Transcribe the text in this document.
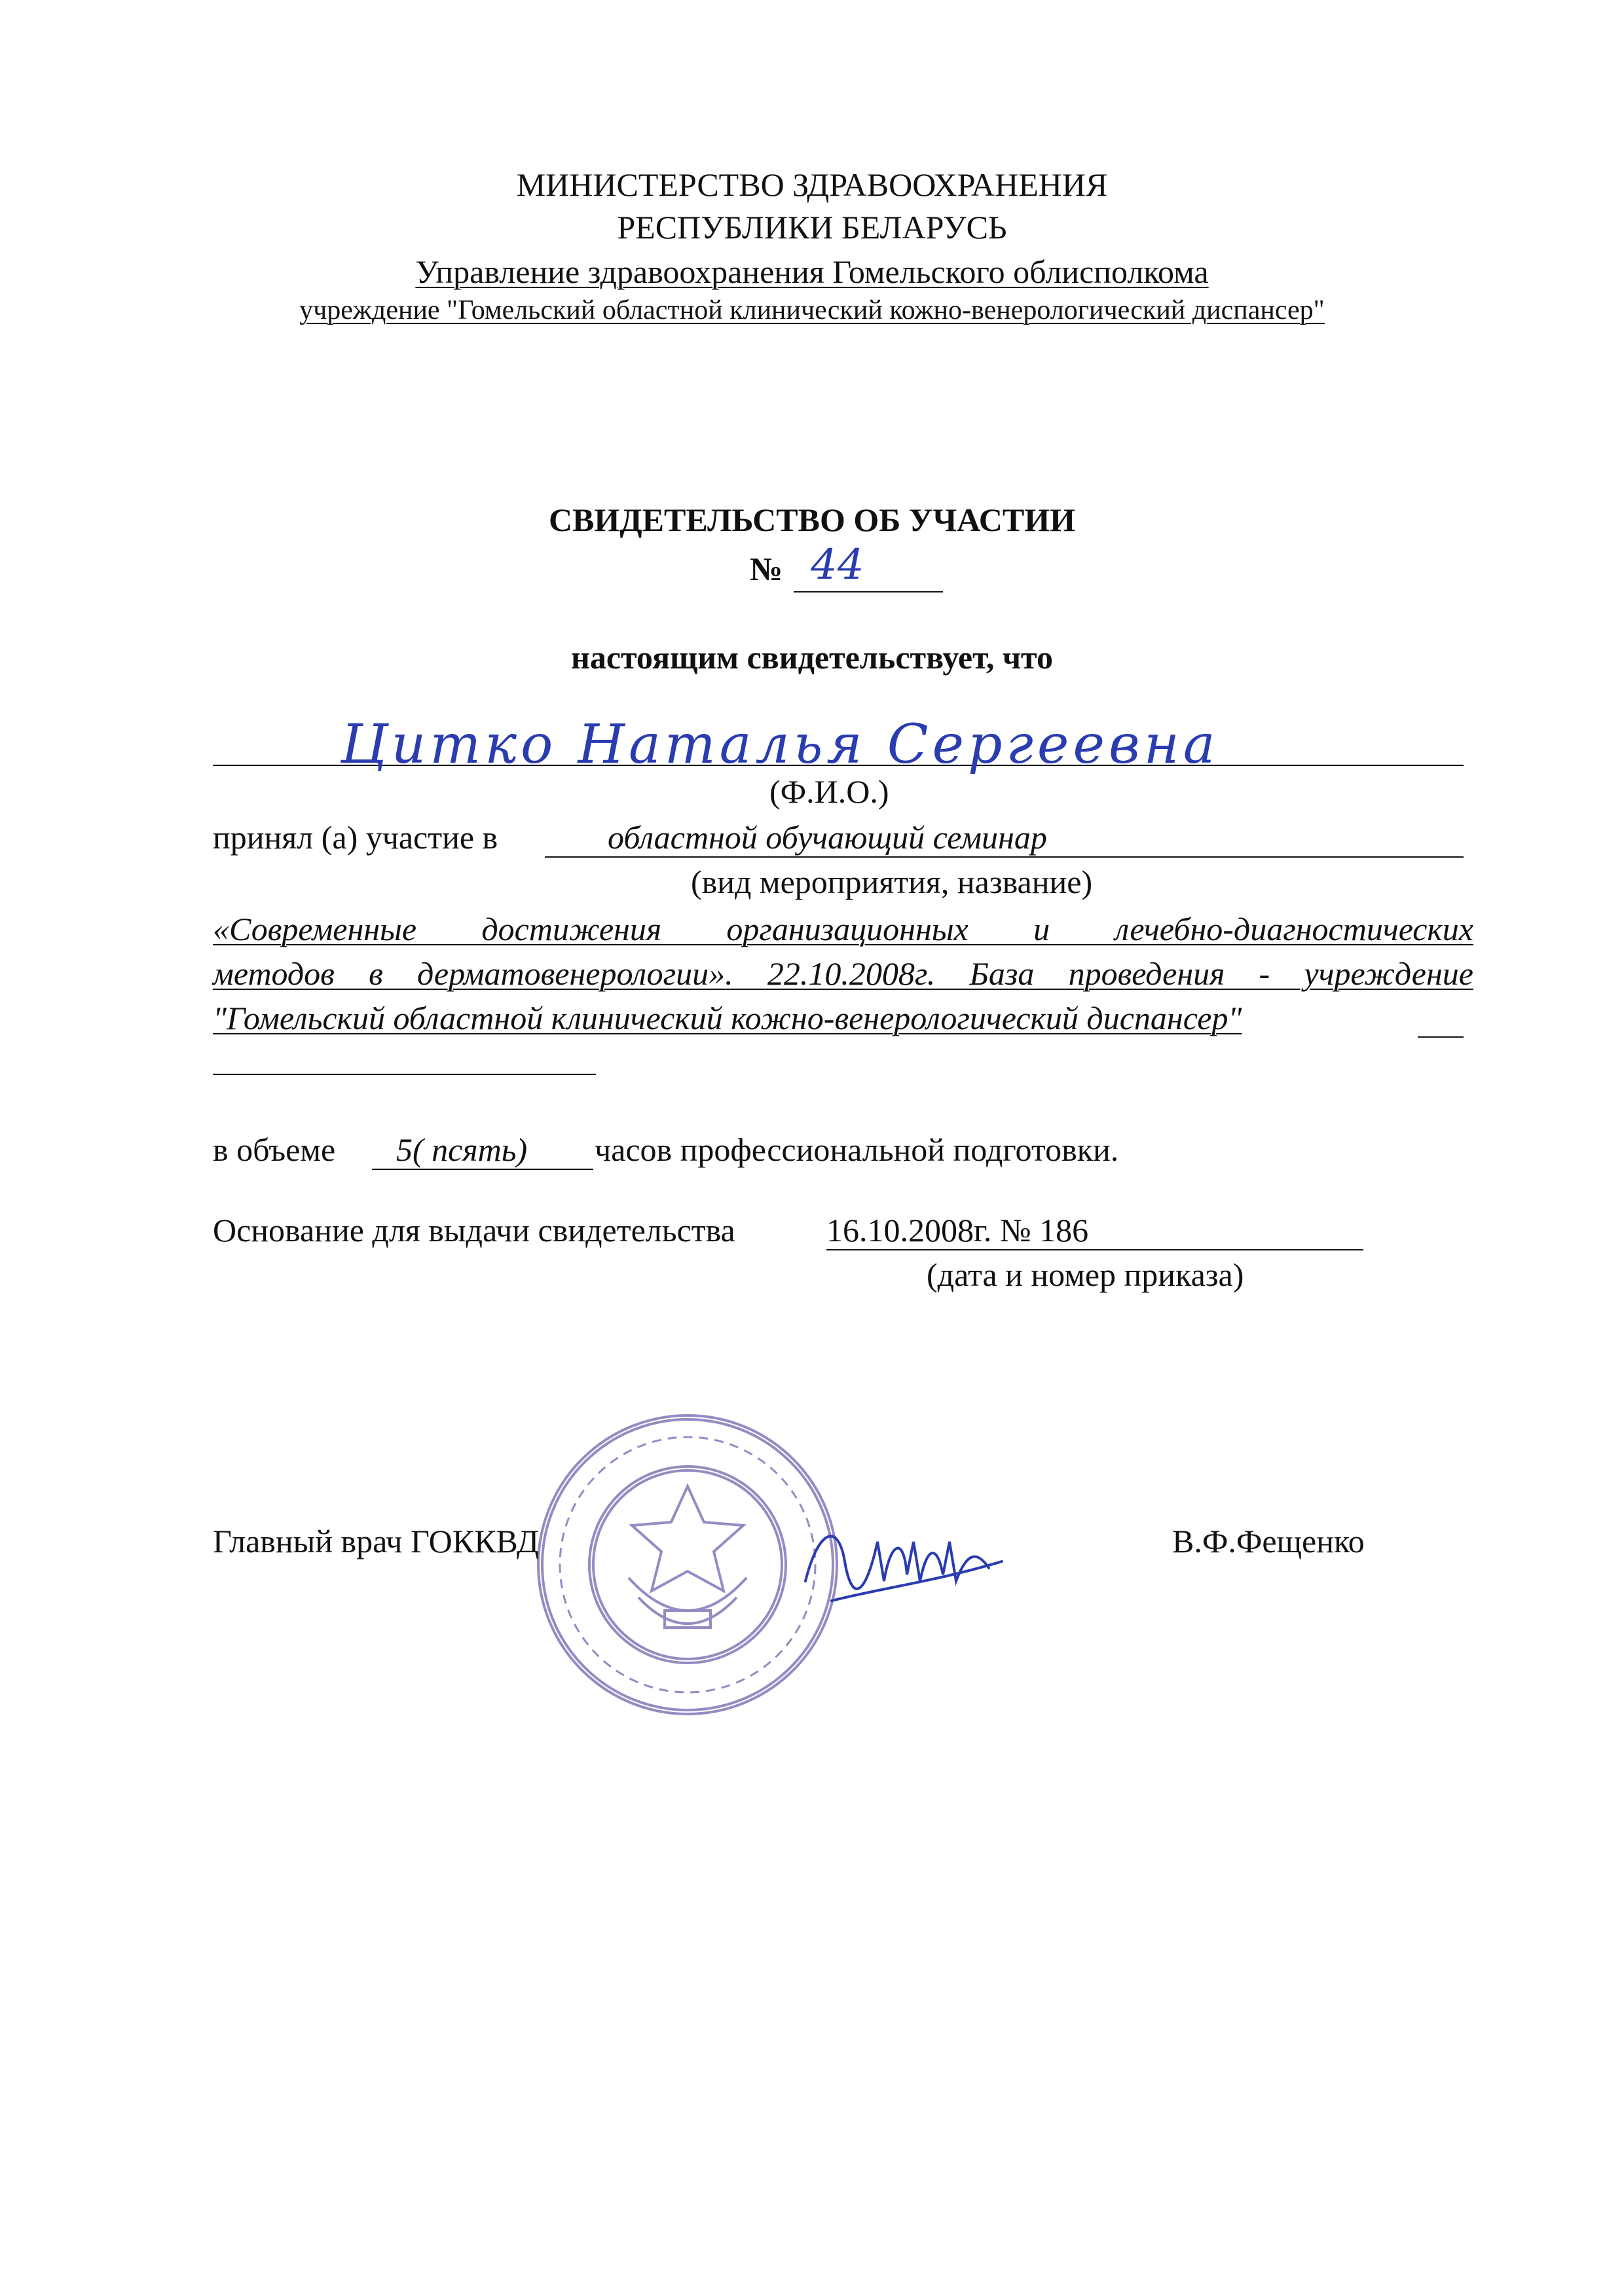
МИНИСТЕРСТВО ЗДРАВООХРАНЕНИЯ
РЕСПУБЛИКИ БЕЛАРУСЬ
Управление здравоохранения Гомельского облисполкома
учреждение "Гомельский областной клинический кожно-венерологический диспансер"
СВИДЕТЕЛЬСТВО ОБ УЧАСТИИ
№ 44
настоящим свидетельствует, что
Цитко Наталья Сергеевна
(Ф.И.О.)
принял (а) участие в	областной обучающий семинар
(вид мероприятия, название)
«Современные достижения организационных и лечебно-диагностических
методов в дерматовенерологии». 22.10.2008г. База проведения - учреждение
"Гомельский областной клинический кожно-венерологический диспансер"
в объеме 5( псять) часов профессиональной подготовки.
Основание для выдачи свидетельства	16.10.2008г. № 186
(дата и номер приказа)
Главный врач ГОККВД	В.Ф.Фещенко
